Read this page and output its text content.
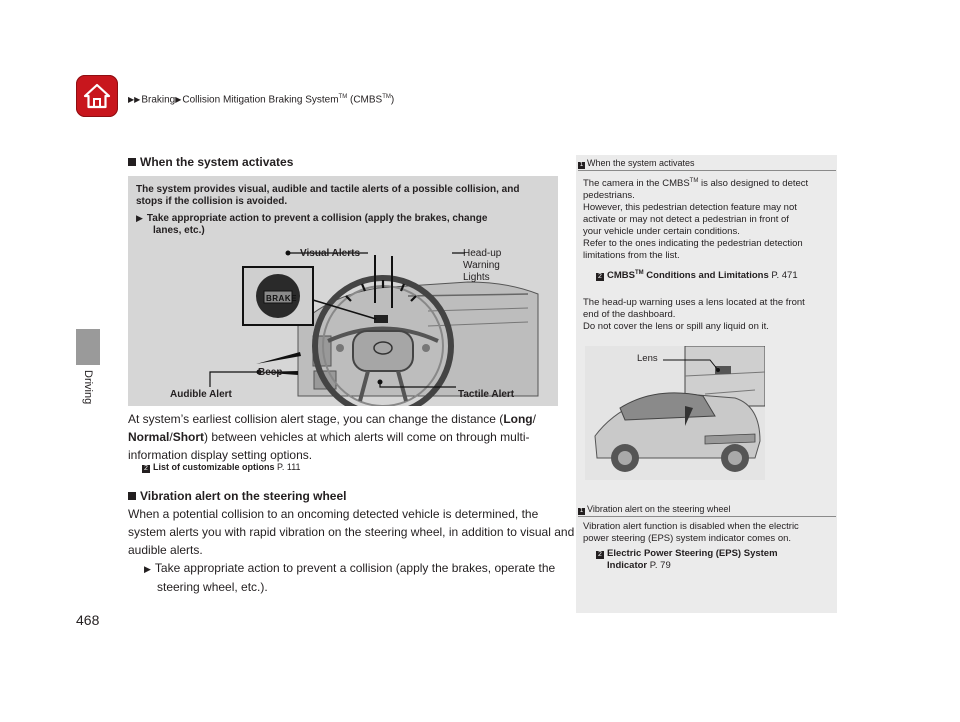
▶▶Braking▶Collision Mitigation Braking System™ (CMBS™)
Driving
468
When the system activates
The system provides visual, audible and tactile alerts of a possible collision, and
stops if the collision is avoided.
▶ Take appropriate action to prevent a collision (apply the brakes, change
lanes, etc.)
Visual Alerts	Head-up
Warning
Lights
BRAKE
Beep
Audible Alert	Tactile Alert
At system’s earliest collision alert stage, you can change the distance (Long/
Normal/Short) between vehicles at which alerts will come on through multi-
information display setting options.
2 List of customizable options P. 111
Vibration alert on the steering wheel
When a potential collision to an oncoming detected vehicle is determined, the
system alerts you with rapid vibration on the steering wheel, in addition to visual and
audible alerts.
▶ Take appropriate action to prevent a collision (apply the brakes, operate the
steering wheel, etc.).
1 When the system activates
The camera in the CMBS™ is also designed to detect
pedestrians.
However, this pedestrian detection feature may not
activate or may not detect a pedestrian in front of
your vehicle under certain conditions.
Refer to the ones indicating the pedestrian detection
limitations from the list.
2 CMBS™ Conditions and Limitations P. 471
The head-up warning uses a lens located at the front
end of the dashboard.
Do not cover the lens or spill any liquid on it.
Lens
1 Vibration alert on the steering wheel
Vibration alert function is disabled when the electric
power steering (EPS) system indicator comes on.
2 Electric Power Steering (EPS) System
Indicator P. 79
